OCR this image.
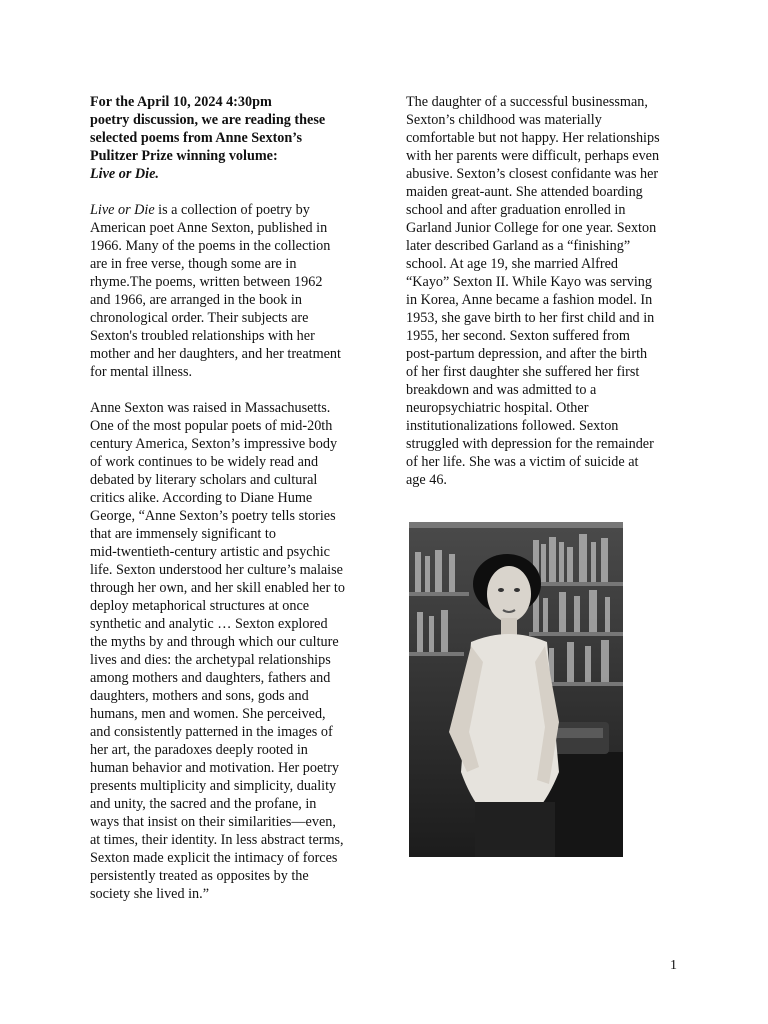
For the April 10, 2024 4:30pm
poetry discussion, we are reading these
selected poems from Anne Sexton’s
Pulitzer Prize winning volume:
Live or Die.
Live or Die is a collection of poetry by
American poet Anne Sexton, published in
1966. Many of the poems in the collection
are in free verse, though some are in
rhyme.The poems, written between 1962
and 1966, are arranged in the book in
chronological order. Their subjects are
Sexton's troubled relationships with her
mother and her daughters, and her treatment
for mental illness.
Anne Sexton was raised in Massachusetts.
One of the most popular poets of mid-20th
century America, Sexton’s impressive body
of work continues to be widely read and
debated by literary scholars and cultural
critics alike. According to Diane Hume
George, “Anne Sexton’s poetry tells stories
that are immensely significant to
mid-twentieth-century artistic and psychic
life. Sexton understood her culture’s malaise
through her own, and her skill enabled her to
deploy metaphorical structures at once
synthetic and analytic … Sexton explored
the myths by and through which our culture
lives and dies: the archetypal relationships
among mothers and daughters, fathers and
daughters, mothers and sons, gods and
humans, men and women. She perceived,
and consistently patterned in the images of
her art, the paradoxes deeply rooted in
human behavior and motivation. Her poetry
presents multiplicity and simplicity, duality
and unity, the sacred and the profane, in
ways that insist on their similarities—even,
at times, their identity. In less abstract terms,
Sexton made explicit the intimacy of forces
persistently treated as opposites by the
society she lived in.”
The daughter of a successful businessman,
Sexton’s childhood was materially
comfortable but not happy. Her relationships
with her parents were difficult, perhaps even
abusive. Sexton’s closest confidante was her
maiden great-aunt. She attended boarding
school and after graduation enrolled in
Garland Junior College for one year. Sexton
later described Garland as a “finishing”
school. At age 19, she married Alfred
“Kayo” Sexton II. While Kayo was serving
in Korea, Anne became a fashion model. In
1953, she gave birth to her first child and in
1955, her second. Sexton suffered from
post-partum depression, and after the birth
of her first daughter she suffered her first
breakdown and was admitted to a
neuropsychiatric hospital. Other
institutionalizations followed. Sexton
struggled with depression for the remainder
of her life. She was a victim of suicide at
age 46.
1
